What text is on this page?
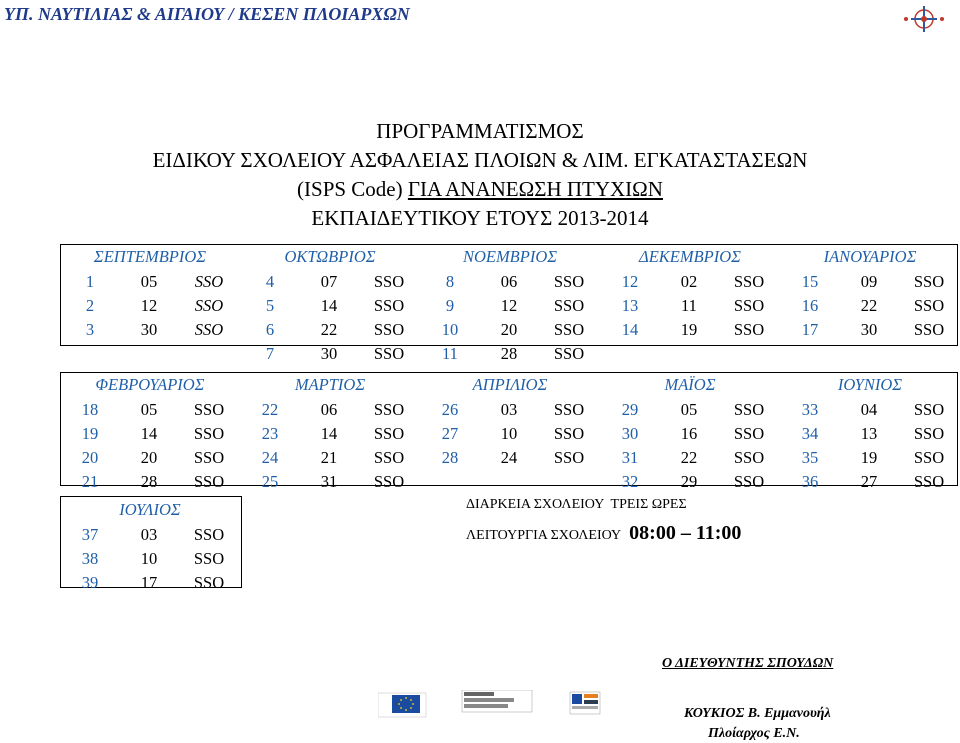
ΥΠ. ΝΑΥΤΙΛΙΑΣ & ΑΙΓΑΙΟΥ / ΚΕΣΕΝ ΠΛΟΙΑΡΧΩΝ
ΠΡΟΓΡΑΜΜΑΤΙΣΜΟΣ
ΕΙΔΙΚΟΥ ΣΧΟΛΕΙΟΥ ΑΣΦΑΛΕΙΑΣ ΠΛΟΙΩΝ & ΛΙΜ. ΕΓΚΑΤΑΣΤΑΣΕΩΝ
(ISPS Code) ΓΙΑ ΑΝΑΝΕΩΣΗ ΠΤΥΧΙΩΝ
ΕΚΠΑΙΔΕΥΤΙΚΟΥ ΕΤΟΥΣ 2013-2014
ΣΕΠΤΕΜΒΡΙΟΣ			ΟΚΤΩΒΡΙΟΣ			ΝΟΕΜΒΡΙΟΣ			ΔΕΚΕΜΒΡΙΟΣ			ΙΑΝΟΥΑΡΙΟΣ		
1	05	SSO	4	07	SSO	8	06	SSO	12	02	SSO	15	09	SSO
2	12	SSO	5	14	SSO	9	12	SSO	13	11	SSO	16	22	SSO
3	30	SSO	6	22	SSO	10	20	SSO	14	19	SSO	17	30	SSO
			7	30	SSO	11	28	SSO						
ΦΕΒΡΟΥΑΡΙΟΣ			ΜΑΡΤΙΟΣ			ΑΠΡΙΛΙΟΣ			ΜΑΪΟΣ			ΙΟΥΝΙΟΣ		
18	05	SSO	22	06	SSO	26	03	SSO	29	05	SSO	33	04	SSO
19	14	SSO	23	14	SSO	27	10	SSO	30	16	SSO	34	13	SSO
20	20	SSO	24	21	SSO	28	24	SSO	31	22	SSO	35	19	SSO
21	28	SSO	25	31	SSO				32	29	SSO	36	27	SSO
ΙΟΥΛΙΟΣ		
37	03	SSO
38	10	SSO
39	17	SSO
ΔΙΑΡΚΕΙΑ ΣΧΟΛΕΙΟΥ  ΤΡΕΙΣ ΩΡΕΣ
ΛΕΙΤΟΥΡΓΙΑ ΣΧΟΛΕΙΟΥ 08:00 – 11:00
Ο ΔΙΕΥΘΥΝΤΗΣ ΣΠΟΥΔΩΝ
ΚΟΥΚΙΟΣ Β. Εμμανουήλ
Πλοίαρχος Ε.Ν.
